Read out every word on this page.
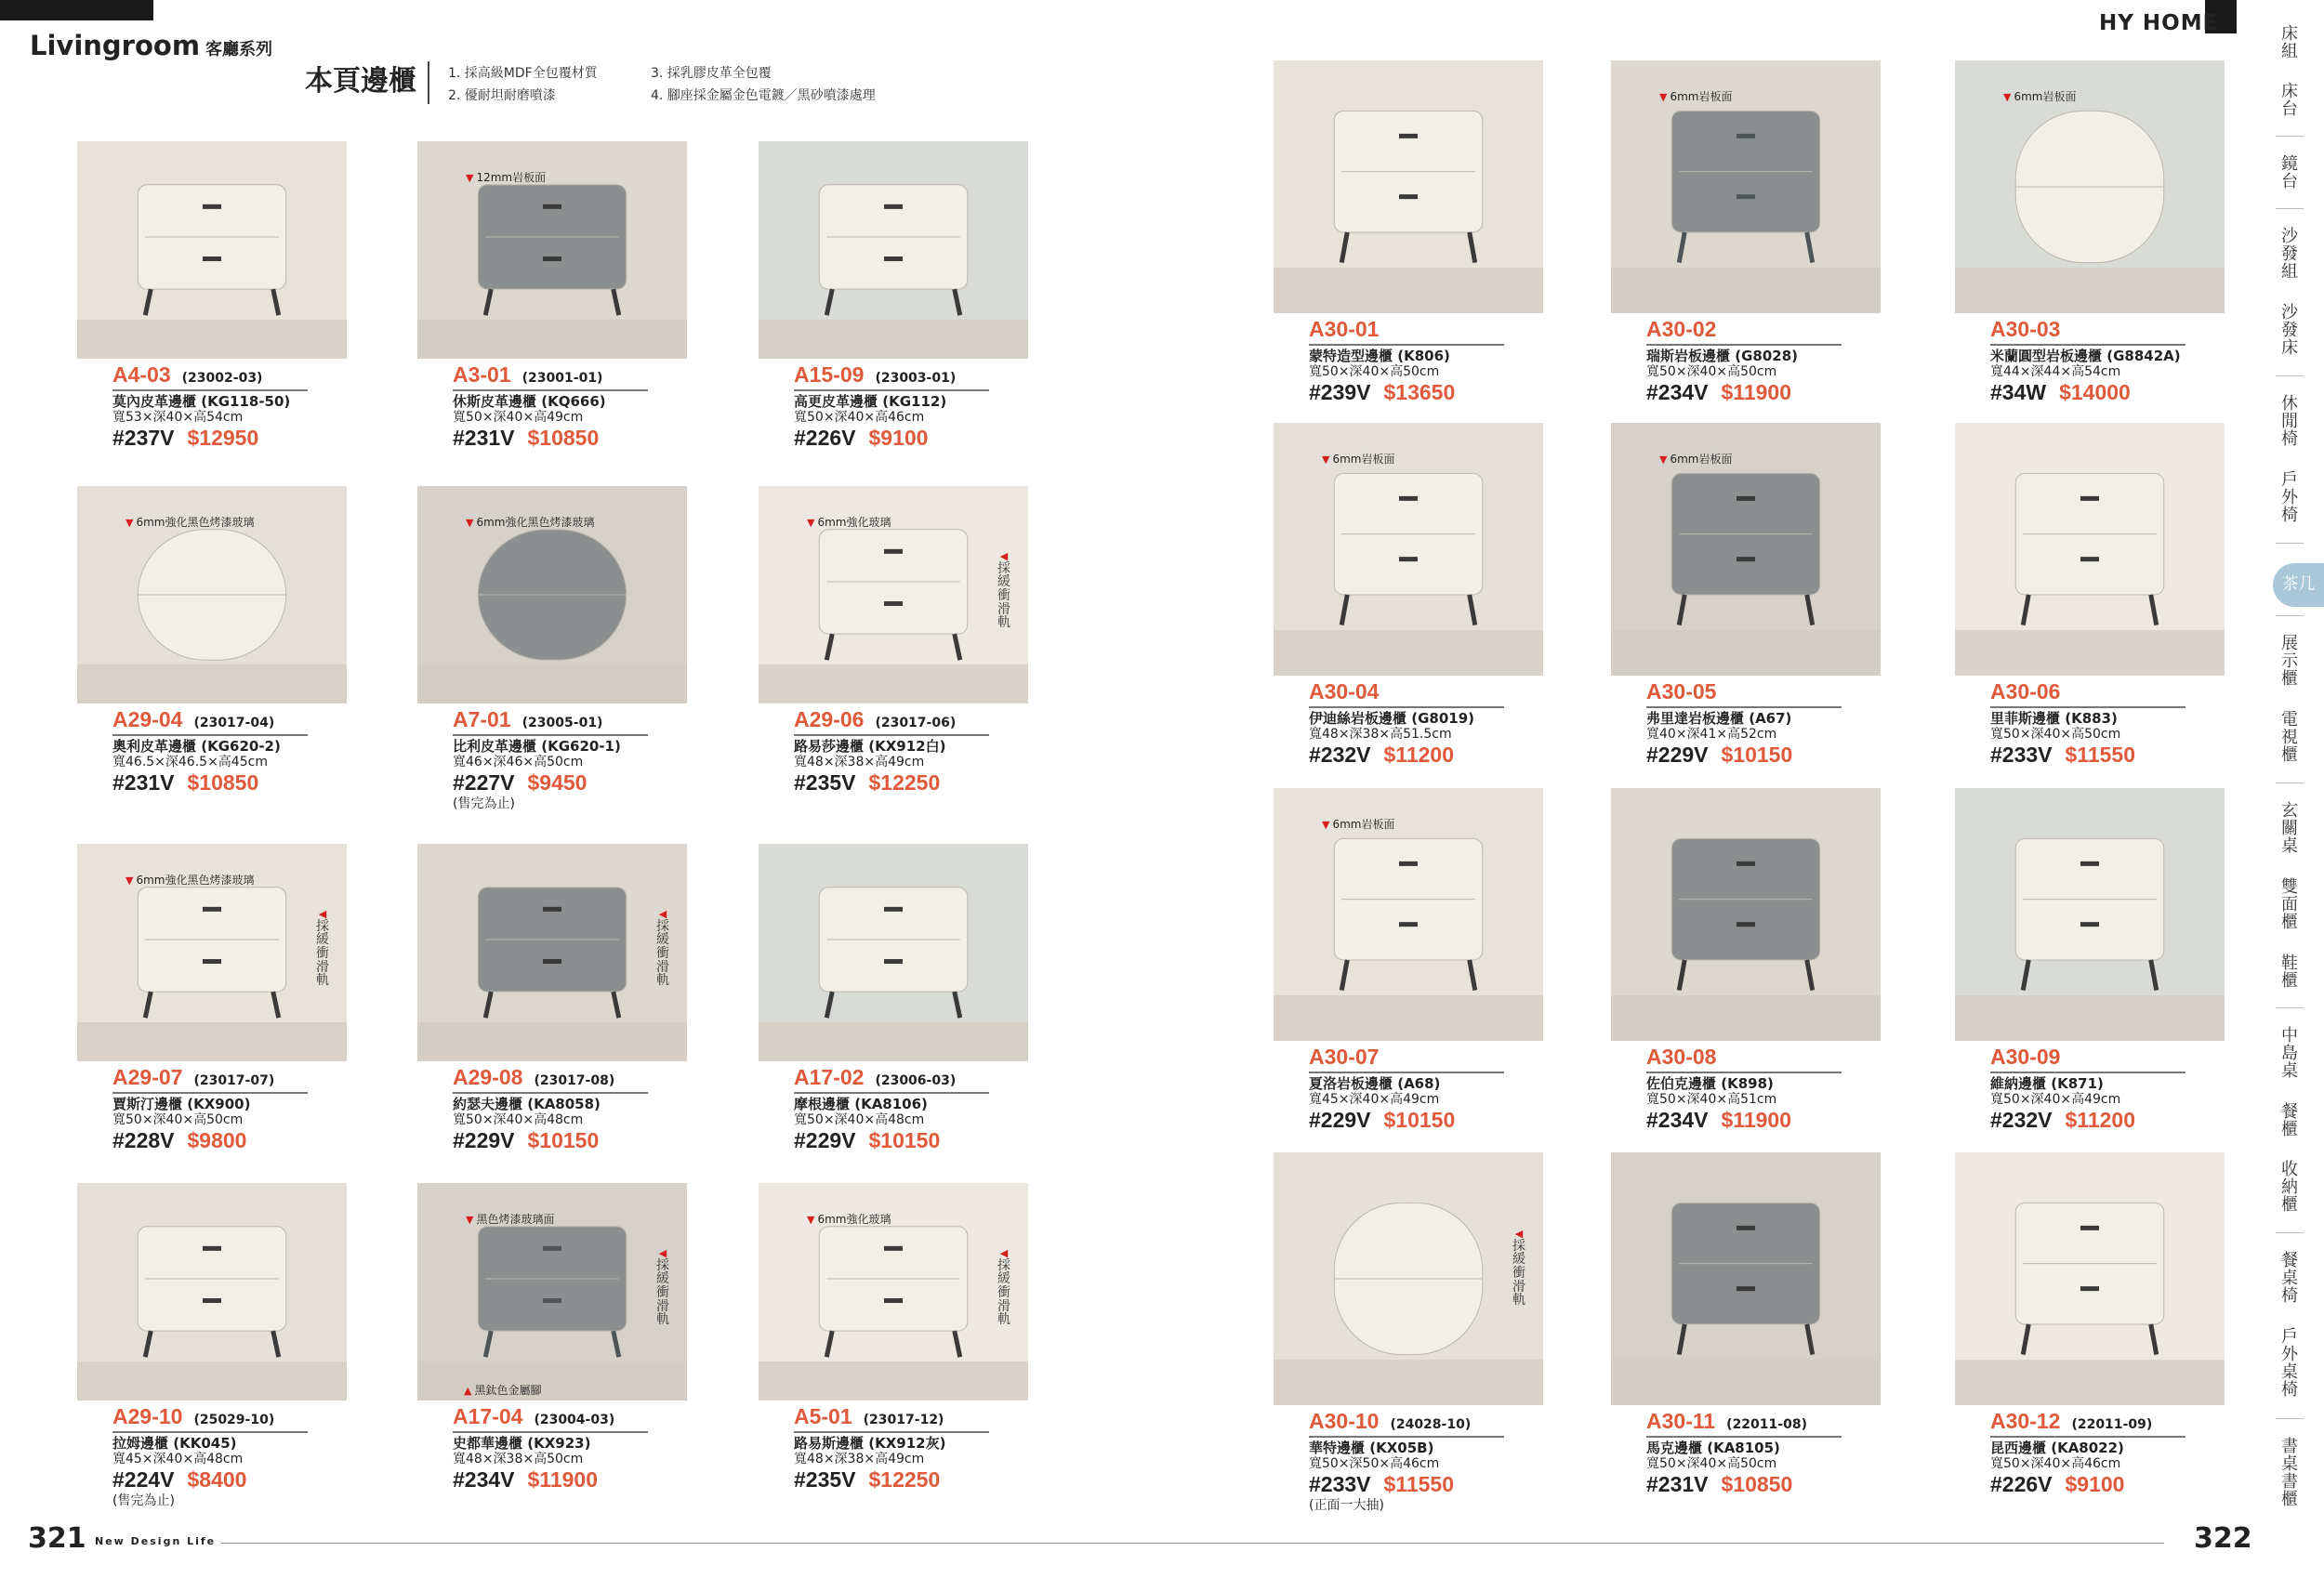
HY HOME
Livingroom 客廳系列
本頁邊櫃 1. 採高級MDF全包覆材質
2. 優耐坦耐磨噴漆
3. 採乳膠皮革全包覆
4. 腳座採金屬金色電鍍／黑砂噴漆處理
A4-03 (23002-03)
莫內皮革邊櫃 (KG118-50)
寬53×深40×高54cm
#237V $12950
▼ 12mm岩板面
A3-01 (23001-01)
休斯皮革邊櫃 (KQ666)
寬50×深40×高49cm
#231V $10850
A15-09 (23003-01)
高更皮革邊櫃 (KG112)
寬50×深40×高46cm
#226V $9100
▼ 6mm強化黑色烤漆玻璃
A29-04 (23017-04)
奧利皮革邊櫃 (KG620-2)
寬46.5×深46.5×高45cm
#231V $10850
▼ 6mm強化黑色烤漆玻璃
A7-01 (23005-01)
比利皮革邊櫃 (KG620-1)
寬46×深46×高50cm
#227V $9450
(售完為止)
▼ 6mm強化玻璃
◀
採緩衝滑軌
A29-06 (23017-06)
路易莎邊櫃 (KX912白)
寬48×深38×高49cm
#235V $12250
▼ 6mm強化黑色烤漆玻璃
◀
採緩衝滑軌
A29-07 (23017-07)
賈斯汀邊櫃 (KX900)
寬50×深40×高50cm
#228V $9800
◀
採緩衝滑軌
A29-08 (23017-08)
約瑟夫邊櫃 (KA8058)
寬50×深40×高48cm
#229V $10150
A17-02 (23006-03)
摩根邊櫃 (KA8106)
寬50×深40×高48cm
#229V $10150
A29-10 (25029-10)
拉姆邊櫃 (KK045)
寬45×深40×高48cm
#224V $8400
(售完為止)
▼ 黑色烤漆玻璃面
▲ 黑鈦色金屬腳
◀
採緩衝滑軌
A17-04 (23004-03)
史都華邊櫃 (KX923)
寬48×深38×高50cm
#234V $11900
▼ 6mm強化玻璃
◀
採緩衝滑軌
A5-01 (23017-12)
路易斯邊櫃 (KX912灰)
寬48×深38×高49cm
#235V $12250
A30-01
蒙特造型邊櫃 (K806)
寬50×深40×高50cm
#239V $13650
▼ 6mm岩板面
A30-02
瑞斯岩板邊櫃 (G8028)
寬50×深40×高50cm
#234V $11900
▼ 6mm岩板面
A30-03
米蘭圓型岩板邊櫃 (G8842A)
寬44×深44×高54cm
#34W $14000
▼ 6mm岩板面
A30-04
伊迪絲岩板邊櫃 (G8019)
寬48×深38×高51.5cm
#232V $11200
▼ 6mm岩板面
A30-05
弗里達岩板邊櫃 (A67)
寬40×深41×高52cm
#229V $10150
A30-06
里菲斯邊櫃 (K883)
寬50×深40×高50cm
#233V $11550
▼ 6mm岩板面
A30-07
夏洛岩板邊櫃 (A68)
寬45×深40×高49cm
#229V $10150
A30-08
佐伯克邊櫃 (K898)
寬50×深40×高51cm
#234V $11900
A30-09
維納邊櫃 (K871)
寬50×深40×高49cm
#232V $11200
◀
採緩衝滑軌
A30-10 (24028-10)
華特邊櫃 (KX05B)
寬50×深50×高46cm
#233V $11550
(正面一大抽)
A30-11 (22011-08)
馬克邊櫃 (KA8105)
寬50×深40×高50cm
#231V $10850
A30-12 (22011-09)
昆西邊櫃 (KA8022)
寬50×深40×高46cm
#226V $9100
床組
床台
鏡台
沙發組
沙發床
休閒椅
戶外椅
茶几
展示櫃
電視櫃
玄關桌
雙面櫃
鞋櫃
中島桌
餐櫃
收納櫃
餐桌椅
戶外桌椅
書桌書櫃
321 New Design Life	322
